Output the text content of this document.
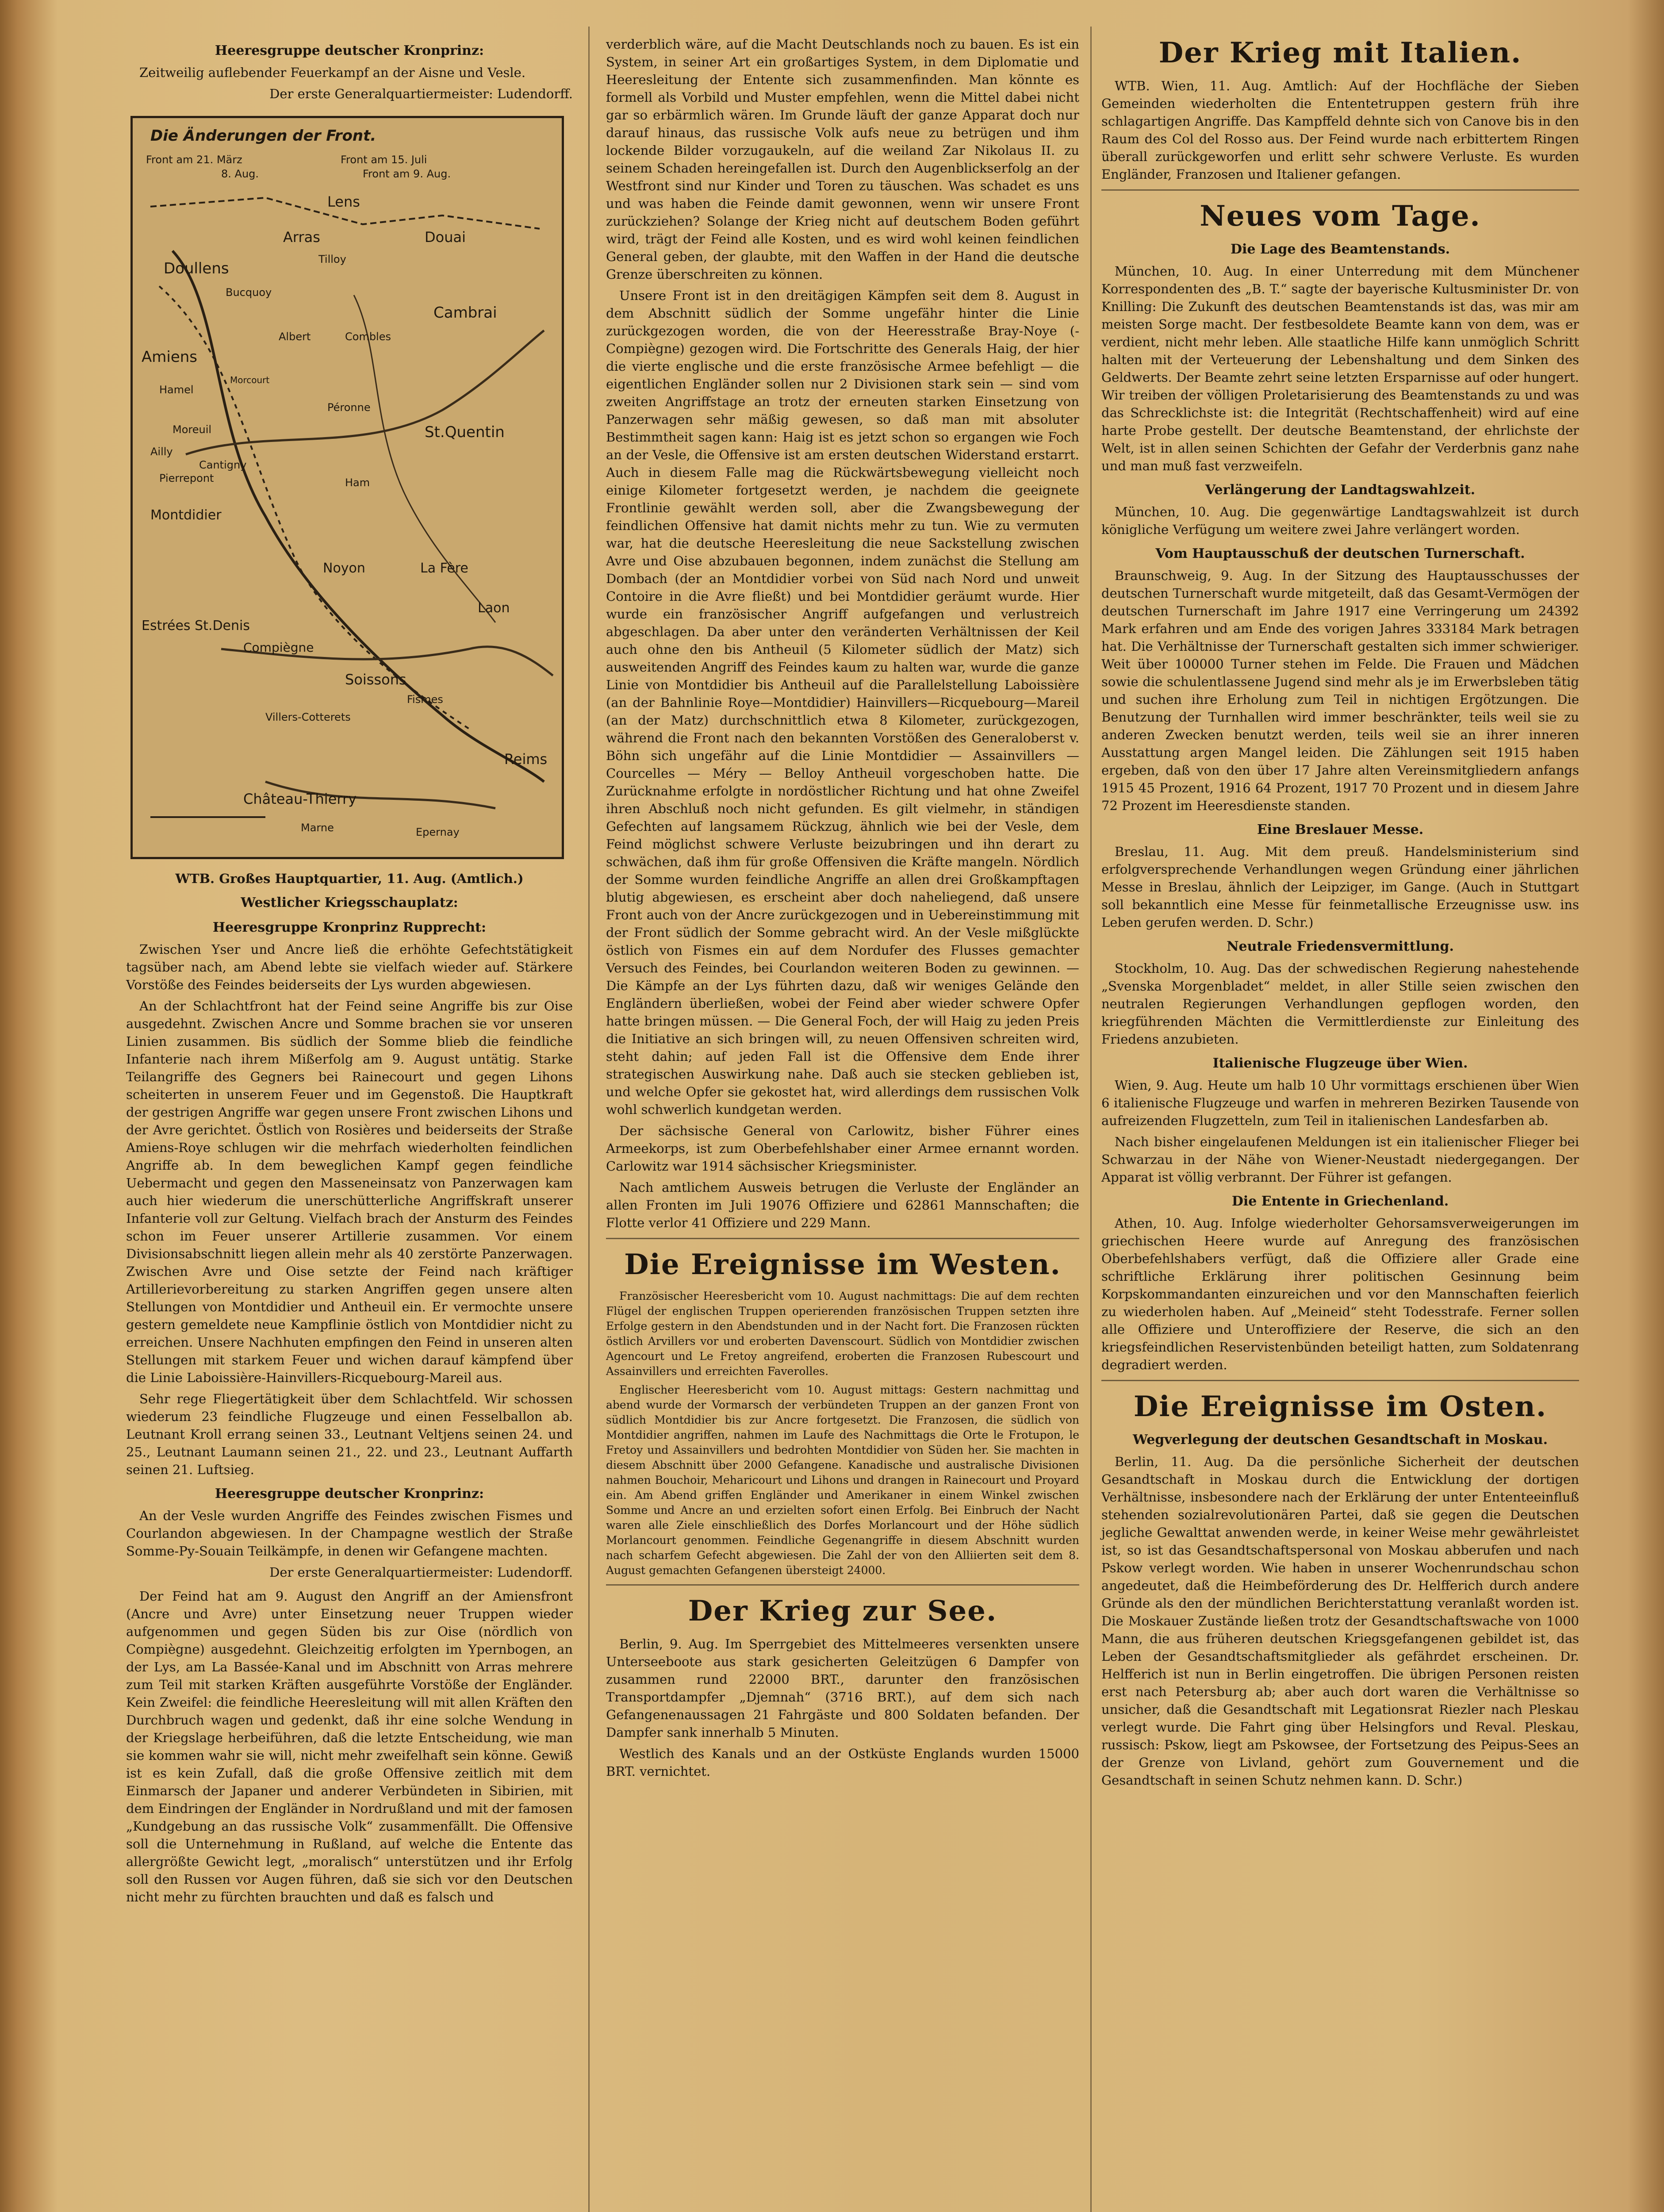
Heeresgruppe deutscher Kronprinz:

Zeitweilig auflebender Feuerkampf an der Aisne und Vesle.

Der erste Generalquartiermeister: Ludendorff.
Die Änderungen der Front.
Front am 21. März	Front am 15. Juli
8. Aug.	Front am 9. Aug.
Lens
Douai
Arras
Doullens
Tilloy
Bucquoy
Cambrai
Albert	Combles
Amiens
Hamel
Morcourt
Péronne
Moreuil	St.Quentin
Ailly
Pierrepont
Cantigny
Ham
Montdidier
Noyon	La Fère
Laon
Estrées St.Denis
Compiègne
Soissons
Fismes
Reims
Château-Thierry
Marne	Epernay
Villers-Cotterets

WTB. Großes Hauptquartier, 11. Aug. (Amtlich.)

Westlicher Kriegsschauplatz:
Heeresgruppe Kronprinz Rupprecht:

Zwischen Yser und Ancre ließ die erhöhte Gefechtstätigkeit tagsüber nach, am Abend lebte sie vielfach wieder auf. Stärkere Vorstöße des Feindes beiderseits der Lys wurden abgewiesen.

An der Schlachtfront hat der Feind seine Angriffe bis zur Oise ausgedehnt. Zwischen Ancre und Somme brachen sie vor unseren Linien zusammen. Bis südlich der Somme blieb die feindliche Infanterie nach ihrem Mißerfolg am 9. August untätig. Starke Teilangriffe des Gegners bei Rainecourt und gegen Lihons scheiterten in unserem Feuer und im Gegenstoß. Die Hauptkraft der gestrigen Angriffe war gegen unsere Front zwischen Lihons und der Avre gerichtet. Östlich von Rosières und beiderseits der Straße Amiens-Roye schlugen wir die mehrfach wiederholten feindlichen Angriffe ab. In dem beweglichen Kampf gegen feindliche Uebermacht und gegen den Masseneinsatz von Panzerwagen kam auch hier wiederum die unerschütterliche Angriffskraft unserer Infanterie voll zur Geltung. Vielfach brach der Ansturm des Feindes schon im Feuer unserer Artillerie zusammen. Vor einem Divisionsabschnitt liegen allein mehr als 40 zerstörte Panzerwagen. Zwischen Avre und Oise setzte der Feind nach kräftiger Artillerievorbereitung zu starken Angriffen gegen unsere alten Stellungen von Montdidier und Antheuil ein. Er vermochte unsere gestern gemeldete neue Kampflinie östlich von Montdidier nicht zu erreichen. Unsere Nachhuten empfingen den Feind in unseren alten Stellungen mit starkem Feuer und wichen darauf kämpfend über die Linie Laboissière-Hainvillers-Ricquebourg-Mareil aus.

Sehr rege Fliegertätigkeit über dem Schlachtfeld. Wir schossen wiederum 23 feindliche Flugzeuge und einen Fesselballon ab. Leutnant Kroll errang seinen 33., Leutnant Veltjens seinen 24. und 25., Leutnant Laumann seinen 21., 22. und 23., Leutnant Auffarth seinen 21. Luftsieg.

Heeresgruppe deutscher Kronprinz:

An der Vesle wurden Angriffe des Feindes zwischen Fismes und Courlandon abgewiesen. In der Champagne westlich der Straße Somme-Py-Souain Teilkämpfe, in denen wir Gefangene machten.

Der erste Generalquartiermeister: Ludendorff.

Der Feind hat am 9. August den Angriff an der Amiensfront (Ancre und Avre) unter Einsetzung neuer Truppen wieder aufgenommen und gegen Süden bis zur Oise (nördlich von Compiègne) ausgedehnt. Gleichzeitig erfolgten im Ypernbogen, an der Lys, am La Bassée-Kanal und im Abschnitt von Arras mehrere zum Teil mit starken Kräften ausgeführte Vorstöße der Engländer. Kein Zweifel: die feindliche Heeresleitung will mit allen Kräften den Durchbruch wagen und gedenkt, daß ihr eine solche Wendung in der Kriegslage herbeiführen, daß die letzte Entscheidung, wie man sie kommen wahr sie will, nicht mehr zweifelhaft sein könne. Gewiß ist es kein Zufall, daß die große Offensive zeitlich mit dem Einmarsch der Japaner und anderer Verbündeten in Sibirien, mit dem Eindringen der Engländer in Nordrußland und mit der famosen „Kundgebung an das russische Volk“ zusammenfällt. Die Offensive soll die Unternehmung in Rußland, auf welche die Entente das allergrößte Gewicht legt, „moralisch“ unterstützen und ihr Erfolg soll den Russen vor Augen führen, daß sie sich vor den Deutschen nicht mehr zu fürchten brauchten und daß es falsch und

verderblich wäre, auf die Macht Deutschlands noch zu bauen. Es ist ein System, in seiner Art ein großartiges System, in dem Diplomatie und Heeresleitung der Entente sich zusammenfinden. Man könnte es formell als Vorbild und Muster empfehlen, wenn die Mittel dabei nicht gar so erbärmlich wären. Im Grunde läuft der ganze Apparat doch nur darauf hinaus, das russische Volk aufs neue zu betrügen und ihm lockende Bilder vorzugaukeln, auf die weiland Zar Nikolaus II. zu seinem Schaden hereingefallen ist. Durch den Augenblickserfolg an der Westfront sind nur Kinder und Toren zu täuschen. Was schadet es uns und was haben die Feinde damit gewonnen, wenn wir unsere Front zurückziehen? Solange der Krieg nicht auf deutschem Boden geführt wird, trägt der Feind alle Kosten, und es wird wohl keinen feindlichen General geben, der glaubte, mit den Waffen in der Hand die deutsche Grenze überschreiten zu können.

Unsere Front ist in den dreitägigen Kämpfen seit dem 8. August in dem Abschnitt südlich der Somme ungefähr hinter die Linie zurückgezogen worden, die von der Heeresstraße Bray-Noye (-Compiègne) gezogen wird. Die Fortschritte des Generals Haig, der hier die vierte englische und die erste französische Armee befehligt — die eigentlichen Engländer sollen nur 2 Divisionen stark sein — sind vom zweiten Angriffstage an trotz der erneuten starken Einsetzung von Panzerwagen sehr mäßig gewesen, so daß man mit absoluter Bestimmtheit sagen kann: Haig ist es jetzt schon so ergangen wie Foch an der Vesle, die Offensive ist am ersten deutschen Widerstand erstarrt. Auch in diesem Falle mag die Rückwärtsbewegung vielleicht noch einige Kilometer fortgesetzt werden, je nachdem die geeignete Frontlinie gewählt werden soll, aber die Zwangsbewegung der feindlichen Offensive hat damit nichts mehr zu tun. Wie zu vermuten war, hat die deutsche Heeresleitung die neue Sackstellung zwischen Avre und Oise abzubauen begonnen, indem zunächst die Stellung am Dombach (der an Montdidier vorbei von Süd nach Nord und unweit Contoire in die Avre fließt) und bei Montdidier geräumt wurde. Hier wurde ein französischer Angriff aufgefangen und verlustreich abgeschlagen. Da aber unter den veränderten Verhältnissen der Keil auch ohne den bis Antheuil (5 Kilometer südlich der Matz) sich ausweitenden Angriff des Feindes kaum zu halten war, wurde die ganze Linie von Montdidier bis Antheuil auf die Parallelstellung Laboissière (an der Bahnlinie Roye—Montdidier) Hainvillers—Ricquebourg—Mareil (an der Matz) durchschnittlich etwa 8 Kilometer, zurückgezogen, während die Front nach den bekannten Vorstößen des Generaloberst v. Böhn sich ungefähr auf die Linie Montdidier — Assainvillers — Courcelles — Méry — Belloy Antheuil vorgeschoben hatte. Die Zurücknahme erfolgte in nordöstlicher Richtung und hat ohne Zweifel ihren Abschluß noch nicht gefunden. Es gilt vielmehr, in ständigen Gefechten auf langsamem Rückzug, ähnlich wie bei der Vesle, dem Feind möglichst schwere Verluste beizubringen und ihn derart zu schwächen, daß ihm für große Offensiven die Kräfte mangeln. Nördlich der Somme wurden feindliche Angriffe an allen drei Großkampftagen blutig abgewiesen, es erscheint aber doch naheliegend, daß unsere Front auch von der Ancre zurückgezogen und in Uebereinstimmung mit der Front südlich der Somme gebracht wird. An der Vesle mißglückte östlich von Fismes ein auf dem Nordufer des Flusses gemachter Versuch des Feindes, bei Courlandon weiteren Boden zu gewinnen. — Die Kämpfe an der Lys führten dazu, daß wir weniges Gelände den Engländern überließen, wobei der Feind aber wieder schwere Opfer hatte bringen müssen. — Die General Foch, der will Haig zu jeden Preis die Initiative an sich bringen will, zu neuen Offensiven schreiten wird, steht dahin; auf jeden Fall ist die Offensive dem Ende ihrer strategischen Auswirkung nahe. Daß auch sie stecken geblieben ist, und welche Opfer sie gekostet hat, wird allerdings dem russischen Volk wohl schwerlich kundgetan werden.

Der sächsische General von Carlowitz, bisher Führer eines Armeekorps, ist zum Oberbefehlshaber einer Armee ernannt worden. Carlowitz war 1914 sächsischer Kriegsminister.

Nach amtlichem Ausweis betrugen die Verluste der Engländer an allen Fronten im Juli 19076 Offiziere und 62861 Mannschaften; die Flotte verlor 41 Offiziere und 229 Mann.

Die Ereignisse im Westen.

Französischer Heeresbericht vom 10. August nachmittags: Die auf dem rechten Flügel der englischen Truppen operierenden französischen Truppen setzten ihre Erfolge gestern in den Abendstunden und in der Nacht fort. Die Franzosen rückten östlich Arvillers vor und eroberten Davenscourt. Südlich von Montdidier zwischen Agencourt und Le Fretoy angreifend, eroberten die Franzosen Rubescourt und Assainvillers und erreichten Faverolles.

Englischer Heeresbericht vom 10. August mittags: Gestern nachmittag und abend wurde der Vormarsch der verbündeten Truppen an der ganzen Front von südlich Montdidier bis zur Ancre fortgesetzt. Die Franzosen, die südlich von Montdidier angriffen, nahmen im Laufe des Nachmittags die Orte le Frotupon, le Fretoy und Assainvillers und bedrohten Montdidier von Süden her. Sie machten in diesem Abschnitt über 2000 Gefangene. Kanadische und australische Divisionen nahmen Bouchoir, Meharicourt und Lihons und drangen in Rainecourt und Proyard ein. Am Abend griffen Engländer und Amerikaner in einem Winkel zwischen Somme und Ancre an und erzielten sofort einen Erfolg. Bei Einbruch der Nacht waren alle Ziele einschließlich des Dorfes Morlancourt und der Höhe südlich Morlancourt genommen. Feindliche Gegenangriffe in diesem Abschnitt wurden nach scharfem Gefecht abgewiesen. Die Zahl der von den Alliierten seit dem 8. August gemachten Gefangenen übersteigt 24000.

Der Krieg zur See.

Berlin, 9. Aug. Im Sperrgebiet des Mittelmeeres versenkten unsere Unterseeboote aus stark gesicherten Geleitzügen 6 Dampfer von zusammen rund 22000 BRT., darunter den französischen Transportdampfer „Djemnah“ (3716 BRT.), auf dem sich nach Gefangenenaussagen 21 Fahrgäste und 800 Soldaten befanden. Der Dampfer sank innerhalb 5 Minuten.

Westlich des Kanals und an der Ostküste Englands wurden 15000 BRT. vernichtet.

Der Krieg mit Italien.

WTB. Wien, 11. Aug. Amtlich: Auf der Hochfläche der Sieben Gemeinden wiederholten die Ententetruppen gestern früh ihre schlagartigen Angriffe. Das Kampffeld dehnte sich von Canove bis in den Raum des Col del Rosso aus. Der Feind wurde nach erbittertem Ringen überall zurückgeworfen und erlitt sehr schwere Verluste. Es wurden Engländer, Franzosen und Italiener gefangen.

Neues vom Tage.
Die Lage des Beamtenstands.

München, 10. Aug. In einer Unterredung mit dem Münchener Korrespondenten des „B. T.“ sagte der bayerische Kultusminister Dr. von Knilling: Die Zukunft des deutschen Beamtenstands ist das, was mir am meisten Sorge macht. Der festbesoldete Beamte kann von dem, was er verdient, nicht mehr leben. Alle staatliche Hilfe kann unmöglich Schritt halten mit der Verteuerung der Lebenshaltung und dem Sinken des Geldwerts. Der Beamte zehrt seine letzten Ersparnisse auf oder hungert. Wir treiben der völligen Proletarisierung des Beamtenstands zu und was das Schrecklichste ist: die Integrität (Rechtschaffenheit) wird auf eine harte Probe gestellt. Der deutsche Beamtenstand, der ehrlichste der Welt, ist in allen seinen Schichten der Gefahr der Verderbnis ganz nahe und man muß fast verzweifeln.

Verlängerung der Landtagswahlzeit.

München, 10. Aug. Die gegenwärtige Landtagswahlzeit ist durch königliche Verfügung um weitere zwei Jahre verlängert worden.

Vom Hauptausschuß der deutschen Turnerschaft.

Braunschweig, 9. Aug. In der Sitzung des Hauptausschusses der deutschen Turnerschaft wurde mitgeteilt, daß das Gesamt-Vermögen der deutschen Turnerschaft im Jahre 1917 eine Verringerung um 24392 Mark erfahren und am Ende des vorigen Jahres 333184 Mark betragen hat. Die Verhältnisse der Turnerschaft gestalten sich immer schwieriger. Weit über 100000 Turner stehen im Felde. Die Frauen und Mädchen sowie die schulentlassene Jugend sind mehr als je im Erwerbsleben tätig und suchen ihre Erholung zum Teil in nichtigen Ergötzungen. Die Benutzung der Turnhallen wird immer beschränkter, teils weil sie zu anderen Zwecken benutzt werden, teils weil sie an ihrer inneren Ausstattung argen Mangel leiden. Die Zählungen seit 1915 haben ergeben, daß von den über 17 Jahre alten Vereinsmitgliedern anfangs 1915 45 Prozent, 1916 64 Prozent, 1917 70 Prozent und in diesem Jahre 72 Prozent im Heeresdienste standen.

Eine Breslauer Messe.

Breslau, 11. Aug. Mit dem preuß. Handelsministerium sind erfolgversprechende Verhandlungen wegen Gründung einer jährlichen Messe in Breslau, ähnlich der Leipziger, im Gange. (Auch in Stuttgart soll bekanntlich eine Messe für feinmetallische Erzeugnisse usw. ins Leben gerufen werden. D. Schr.)

Neutrale Friedensvermittlung.

Stockholm, 10. Aug. Das der schwedischen Regierung nahestehende „Svenska Morgenbladet“ meldet, in aller Stille seien zwischen den neutralen Regierungen Verhandlungen gepflogen worden, den kriegführenden Mächten die Vermittlerdienste zur Einleitung des Friedens anzubieten.

Italienische Flugzeuge über Wien.

Wien, 9. Aug. Heute um halb 10 Uhr vormittags erschienen über Wien 6 italienische Flugzeuge und warfen in mehreren Bezirken Tausende von aufreizenden Flugzetteln, zum Teil in italienischen Landesfarben ab.

Nach bisher eingelaufenen Meldungen ist ein italienischer Flieger bei Schwarzau in der Nähe von Wiener-Neustadt niedergegangen. Der Apparat ist völlig verbrannt. Der Führer ist gefangen.

Die Entente in Griechenland.

Athen, 10. Aug. Infolge wiederholter Gehorsamsverweigerungen im griechischen Heere wurde auf Anregung des französischen Oberbefehlshabers verfügt, daß die Offiziere aller Grade eine schriftliche Erklärung ihrer politischen Gesinnung beim Korpskommandanten einzureichen und vor den Mannschaften feierlich zu wiederholen haben. Auf „Meineid“ steht Todesstrafe. Ferner sollen alle Offiziere und Unteroffiziere der Reserve, die sich an den kriegsfeindlichen Reservistenbünden beteiligt hatten, zum Soldatenrang degradiert werden.

Die Ereignisse im Osten.
Wegverlegung der deutschen Gesandtschaft in Moskau.

Berlin, 11. Aug. Da die persönliche Sicherheit der deutschen Gesandtschaft in Moskau durch die Entwicklung der dortigen Verhältnisse, insbesondere nach der Erklärung der unter Ententeeinfluß stehenden sozialrevolutionären Partei, daß sie gegen die Deutschen jegliche Gewalttat anwenden werde, in keiner Weise mehr gewährleistet ist, so ist das Gesandtschaftspersonal von Moskau abberufen und nach Pskow verlegt worden. Wie haben in unserer Wochenrundschau schon angedeutet, daß die Heimbeförderung des Dr. Helfferich durch andere Gründe als den der mündlichen Berichterstattung veranlaßt worden ist. Die Moskauer Zustände ließen trotz der Gesandtschaftswache von 1000 Mann, die aus früheren deutschen Kriegsgefangenen gebildet ist, das Leben der Gesandtschaftsmitglieder als gefährdet erscheinen. Dr. Helfferich ist nun in Berlin eingetroffen. Die übrigen Personen reisten erst nach Petersburg ab; aber auch dort waren die Verhältnisse so unsicher, daß die Gesandtschaft mit Legationsrat Riezler nach Pleskau verlegt wurde. Die Fahrt ging über Helsingfors und Reval. Pleskau, russisch: Pskow, liegt am Pskowsee, der Fortsetzung des Peipus-Sees an der Grenze von Livland, gehört zum Gouvernement und die Gesandtschaft in seinen Schutz nehmen kann. D. Schr.)
